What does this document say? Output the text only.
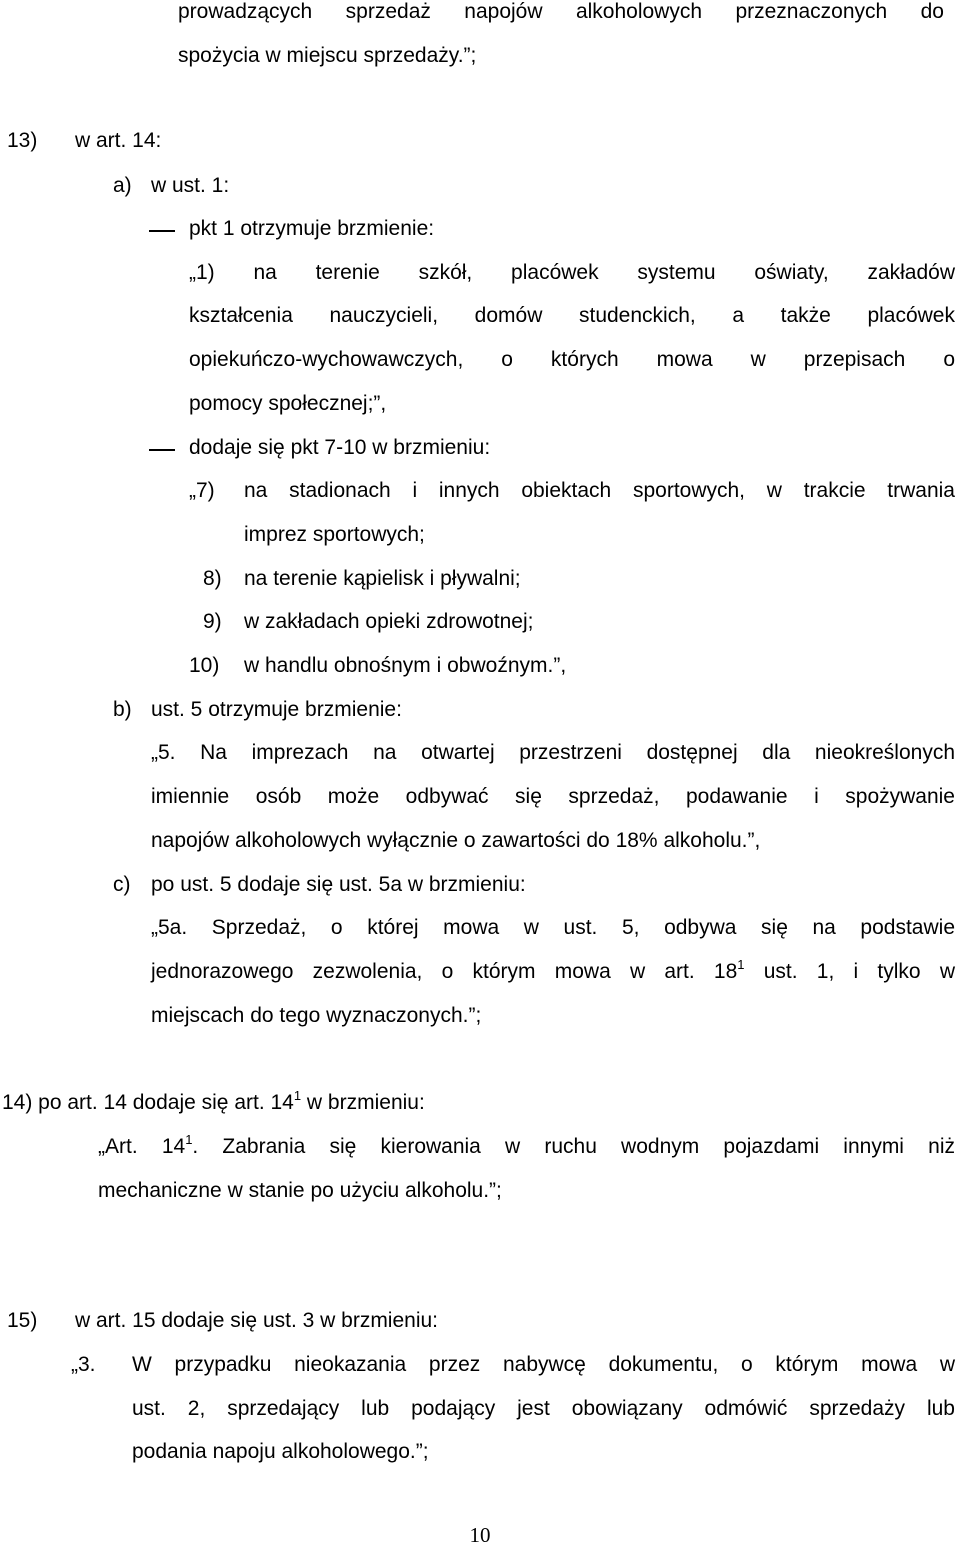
prowadzących sprzedaż napojów alkoholowych przeznaczonych do
spożycia w miejscu sprzedaży.”;
13) w art. 14:
a) w ust. 1:
pkt 1 otrzymuje brzmienie:
„1) na terenie szkół, placówek systemu oświaty, zakładów
kształcenia nauczycieli, domów studenckich, a także placówek
opiekuńczo-wychowawczych, o których mowa w przepisach o
pomocy społecznej;”,
dodaje się pkt 7-10 w brzmieniu:
„7) na stadionach i innych obiektach sportowych, w trakcie trwania
imprez sportowych;
8) na terenie kąpielisk i pływalni;
9) w zakładach opieki zdrowotnej;
10) w handlu obnośnym i obwoźnym.”,
b) ust. 5 otrzymuje brzmienie:
„5. Na imprezach na otwartej przestrzeni dostępnej dla nieokreślonych
imiennie osób może odbywać się sprzedaż, podawanie i spożywanie
napojów alkoholowych wyłącznie o zawartości do 18% alkoholu.”,
c) po ust. 5 dodaje się ust. 5a w brzmieniu:
„5a. Sprzedaż, o której mowa w ust. 5, odbywa się na podstawie
jednorazowego zezwolenia, o którym mowa w art. $18^1$ ust. 1, i tylko w
miejscach do tego wyznaczonych.”;
14) po art. 14 dodaje się art. $14^1$ w brzmieniu:
„Art. $14^1$. Zabrania się kierowania w ruchu wodnym pojazdami innymi niż
mechaniczne w stanie po użyciu alkoholu.”;
15) w art. 15 dodaje się ust. 3 w brzmieniu:
„3. W przypadku nieokazania przez nabywcę dokumentu, o którym mowa w
ust. 2, sprzedający lub podający jest obowiązany odmówić sprzedaży lub
podania napoju alkoholowego.”;
10
